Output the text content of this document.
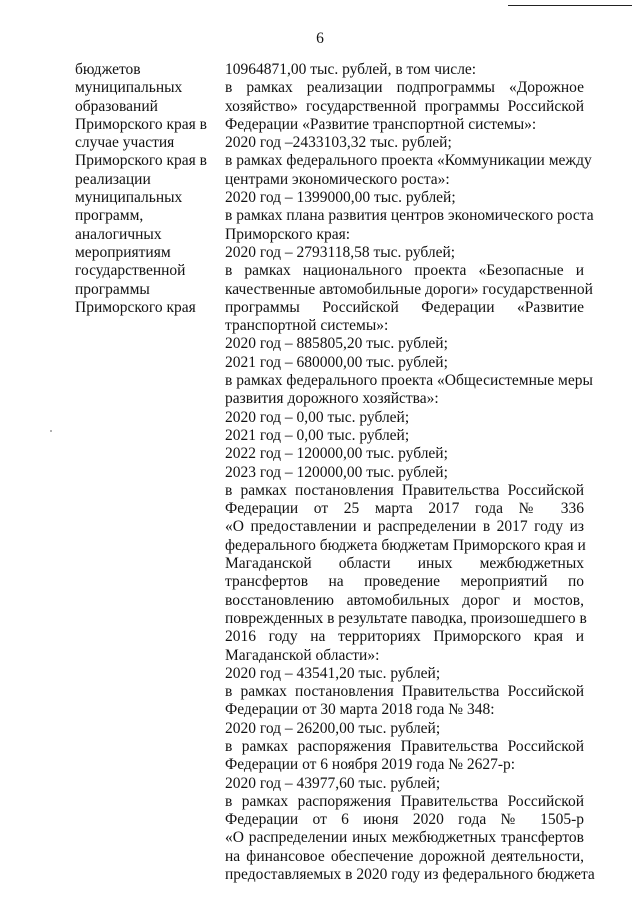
6
бюджетов
муниципальных
образований
Приморского края в
случае участия
Приморского края в
реализации
муниципальных
программ,
аналогичных
мероприятиям
государственной
программы
Приморского края
10964871,00 тыс. рублей, в том числе:
в рамках реализации подпрограммы «Дорожное
хозяйство» государственной программы Российской
Федерации «Развитие транспортной системы»:
2020 год –2433103,32 тыс. рублей;
в рамках федерального проекта «Коммуникации между
центрами экономического роста»:
2020 год – 1399000,00 тыс. рублей;
в рамках плана развития центров экономического роста
Приморского края:
2020 год – 2793118,58 тыс. рублей;
в рамках национального проекта «Безопасные и
качественные автомобильные дороги» государственной
программы Российской Федерации «Развитие
транспортной системы»:
2020 год – 885805,20 тыс. рублей;
2021 год – 680000,00 тыс. рублей;
в рамках федерального проекта «Общесистемные меры
развития дорожного хозяйства»:
2020 год – 0,00 тыс. рублей;
2021 год – 0,00 тыс. рублей;
2022 год – 120000,00 тыс. рублей;
2023 год – 120000,00 тыс. рублей;
в рамках постановления Правительства Российской
Федерации от 25 марта 2017 года № 336
«О предоставлении и распределении в 2017 году из
федерального бюджета бюджетам Приморского края и
Магаданской области иных межбюджетных
трансфертов на проведение мероприятий по
восстановлению автомобильных дорог и мостов,
поврежденных в результате паводка, произошедшего в
2016 году на территориях Приморского края и
Магаданской области»:
2020 год – 43541,20 тыс. рублей;
в рамках постановления Правительства Российской
Федерации от 30 марта 2018 года № 348:
2020 год – 26200,00 тыс. рублей;
в рамках распоряжения Правительства Российской
Федерации от 6 ноября 2019 года № 2627-р:
2020 год – 43977,60 тыс. рублей;
в рамках распоряжения Правительства Российской
Федерации от 6 июня 2020 года № 1505-р
«О распределении иных межбюджетных трансфертов
на финансовое обеспечение дорожной деятельности,
предоставляемых в 2020 году из федерального бюджета
